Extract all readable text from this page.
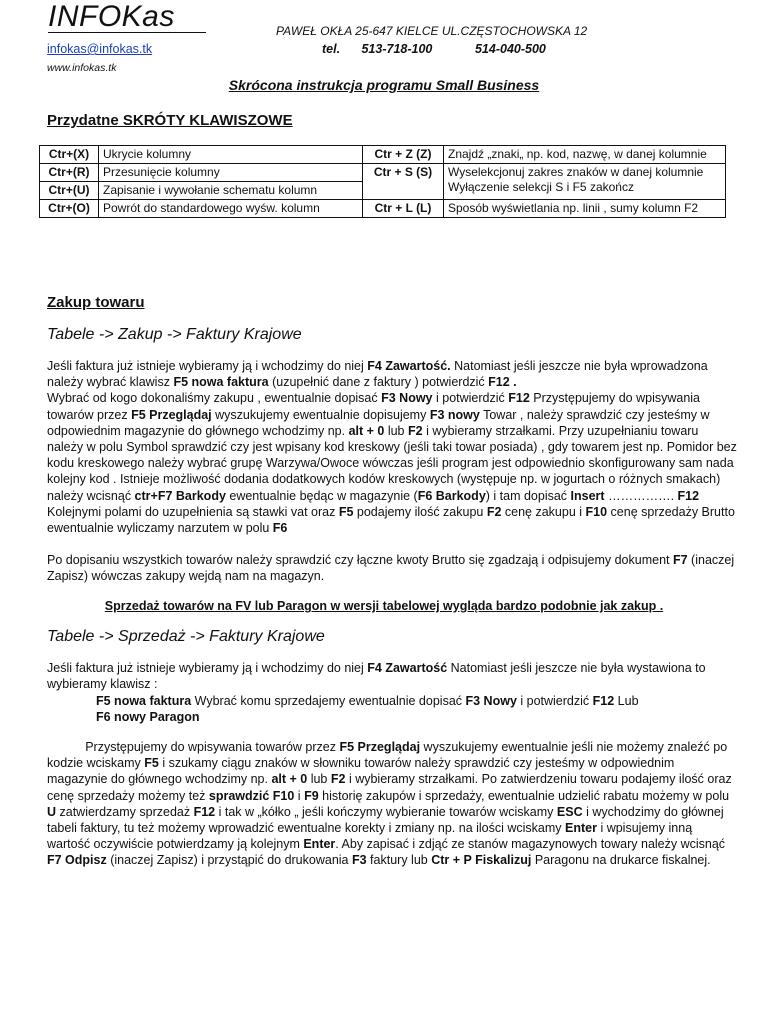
INFOKas	PAWEŁ OKŁA 25-647 KIELCE UL.CZĘSTOCHOWSKA 12
infokas@infokas.tk	tel. 513-718-100	514-040-500
www.infokas.tk
Skrócona instrukcja programu Small Business
Przydatne SKRÓTY KLAWISZOWE
Ctr+(X)	Ukrycie kolumny	Ctr + Z (Z)	Znajdź „znaki„ np. kod, nazwę, w danej kolumnie
Ctr+(R)	Przesunięcie kolumny	Ctr + S (S)	Wyselekcjonuj zakres znaków w danej kolumnie
Wyłączenie selekcji S i F5 zakończ

Ctr+(U)	Zapisanie i wywołanie schematu kolumn		
Ctr+(O)	Powrót do standardowego wyśw. kolumn	Ctr + L (L)	Sposób wyświetlania np. linii , sumy kolumn F2
Zakup towaru
Tabele -> Zakup -> Faktury Krajowe
Jeśli faktura już istnieje wybieramy ją i wchodzimy do niej F4 Zawartość. Natomiast jeśli jeszcze nie była wprowadzona należy wybrać klawisz F5 nowa faktura (uzupełnić dane z faktury ) potwierdzić F12 .
Wybrać od kogo dokonaliśmy zakupu , ewentualnie dopisać F3 Nowy i potwierdzić F12 Przystępujemy do wpisywania towarów przez F5 Przeglądaj wyszukujemy ewentualnie dopisujemy F3 nowy Towar , należy sprawdzić czy jesteśmy w odpowiednim magazynie do głównego wchodzimy np. alt + 0 lub F2 i wybieramy strzałkami. Przy uzupełnianiu towaru należy w polu Symbol sprawdzić czy jest wpisany kod kreskowy (jeśli taki towar posiada) , gdy towarem jest np. Pomidor bez kodu kreskowego należy wybrać grupę Warzywa/Owoce wówczas jeśli program jest odpowiednio skonfigurowany sam nada kolejny kod . Istnieje możliwość dodania dodatkowych kodów kreskowych (występuje np. w jogurtach o różnych smakach) należy wcisnąć ctr+F7 Barkody ewentualnie będąc w magazynie (F6 Barkody) i tam dopisać Insert ……………. F12 Kolejnymi polami do uzupełnienia są stawki vat oraz F5 podajemy ilość zakupu F2 cenę zakupu i F10 cenę sprzedaży Brutto ewentualnie wyliczamy narzutem w polu F6
Po dopisaniu wszystkich towarów należy sprawdzić czy łączne kwoty Brutto się zgadzają i odpisujemy dokument F7 (inaczej Zapisz) wówczas zakupy wejdą nam na magazyn.
Sprzedaż towarów na FV lub Paragon w wersji tabelowej wygląda bardzo podobnie jak zakup .
Tabele -> Sprzedaż -> Faktury Krajowe
Jeśli faktura już istnieje wybieramy ją i wchodzimy do niej F4 Zawartość Natomiast jeśli jeszcze nie była wystawiona to wybieramy klawisz :
F5 nowa faktura Wybrać komu sprzedajemy ewentualnie dopisać F3 Nowy i potwierdzić F12 Lub
F6 nowy Paragon
Przystępujemy do wpisywania towarów przez F5 Przeglądaj wyszukujemy ewentualnie jeśli nie możemy znaleźć po kodzie wciskamy F5 i szukamy ciągu znaków w słowniku towarów należy sprawdzić czy jesteśmy w odpowiednim magazynie do głównego wchodzimy np. alt + 0 lub F2 i wybieramy strzałkami. Po zatwierdzeniu towaru podajemy ilość oraz cenę sprzedaży możemy też sprawdzić F10 i F9 historię zakupów i sprzedaży, ewentualnie udzielić rabatu możemy w polu U zatwierdzamy sprzedaż F12 i tak w „kółko „ jeśli kończymy wybieranie towarów wciskamy ESC i wychodzimy do głównej tabeli faktury, tu też możemy wprowadzić ewentualne korekty i zmiany np. na ilości wciskamy Enter i wpisujemy inną wartość oczywiście potwierdzamy ją kolejnym Enter. Aby zapisać i zdjąć ze stanów magazynowych towary należy wcisnąć F7 Odpisz (inaczej Zapisz) i przystąpić do drukowania F3 faktury lub Ctr + P Fiskalizuj Paragonu na drukarce fiskalnej.
